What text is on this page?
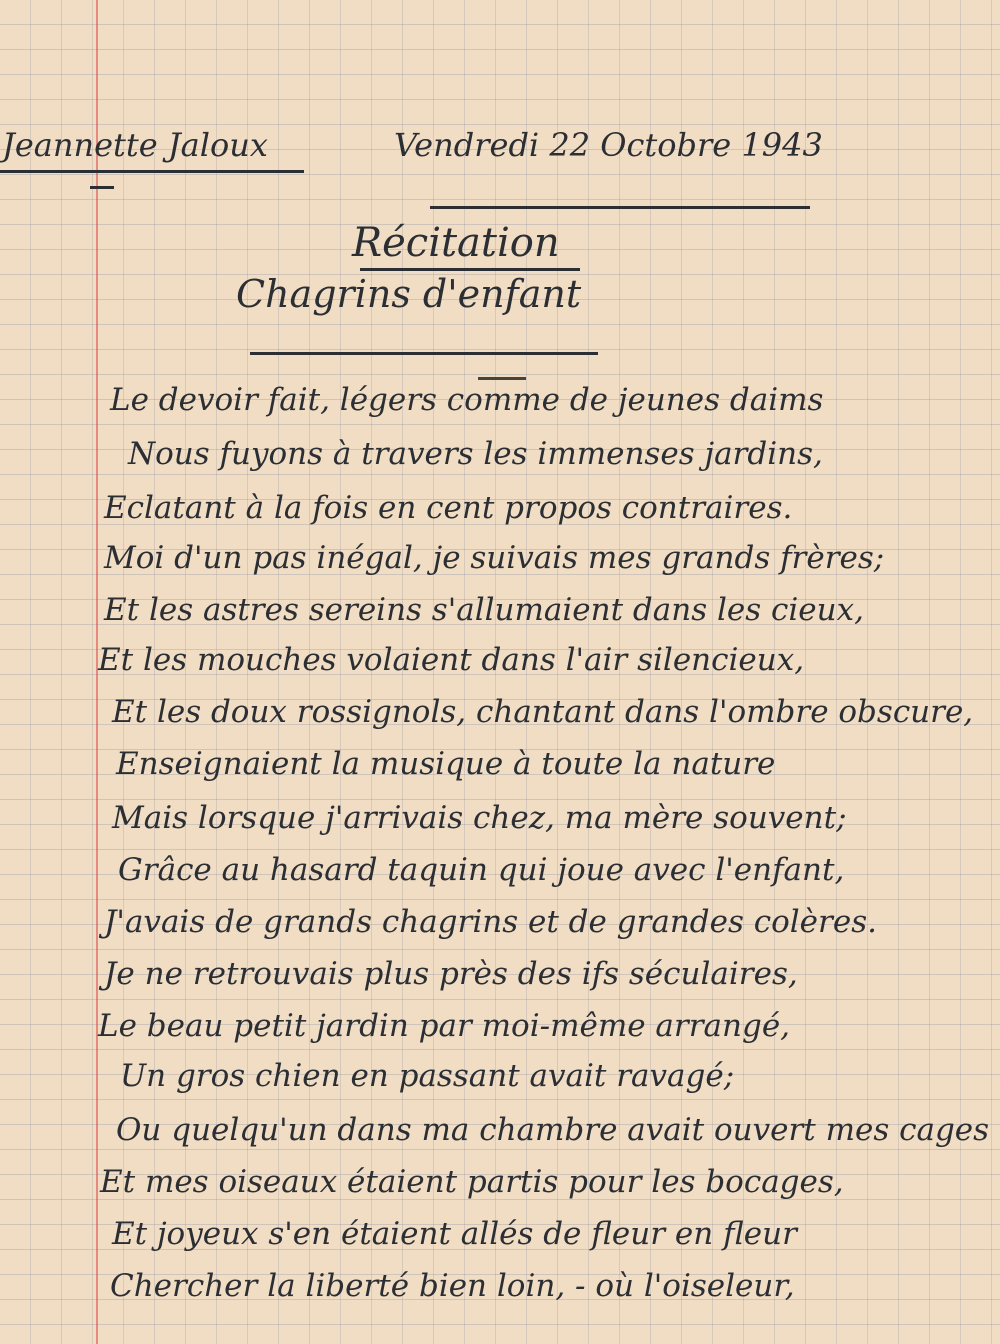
Jeannette Jaloux	Vendredi 22 Octobre 1943
Récitation
Chagrins d'enfant
Le devoir fait, légers comme de jeunes daims
Nous fuyons à travers les immenses jardins,
Eclatant à la fois en cent propos contraires.
Moi d'un pas inégal, je suivais mes grands frères;
Et les astres sereins s'allumaient dans les cieux,
Et les mouches volaient dans l'air silencieux,
Et les doux rossignols, chantant dans l'ombre obscure,
Enseignaient la musique à toute la nature
Mais lorsque j'arrivais chez, ma mère souvent;
Grâce au hasard taquin qui joue avec l'enfant,
J'avais de grands chagrins et de grandes colères.
Je ne retrouvais plus près des ifs séculaires,
Le beau petit jardin par moi-même arrangé,
Un gros chien en passant avait ravagé;
Ou quelqu'un dans ma chambre avait ouvert mes cages
Et mes oiseaux étaient partis pour les bocages,
Et joyeux s'en étaient allés de fleur en fleur
Chercher la liberté bien loin, - où l'oiseleur,
